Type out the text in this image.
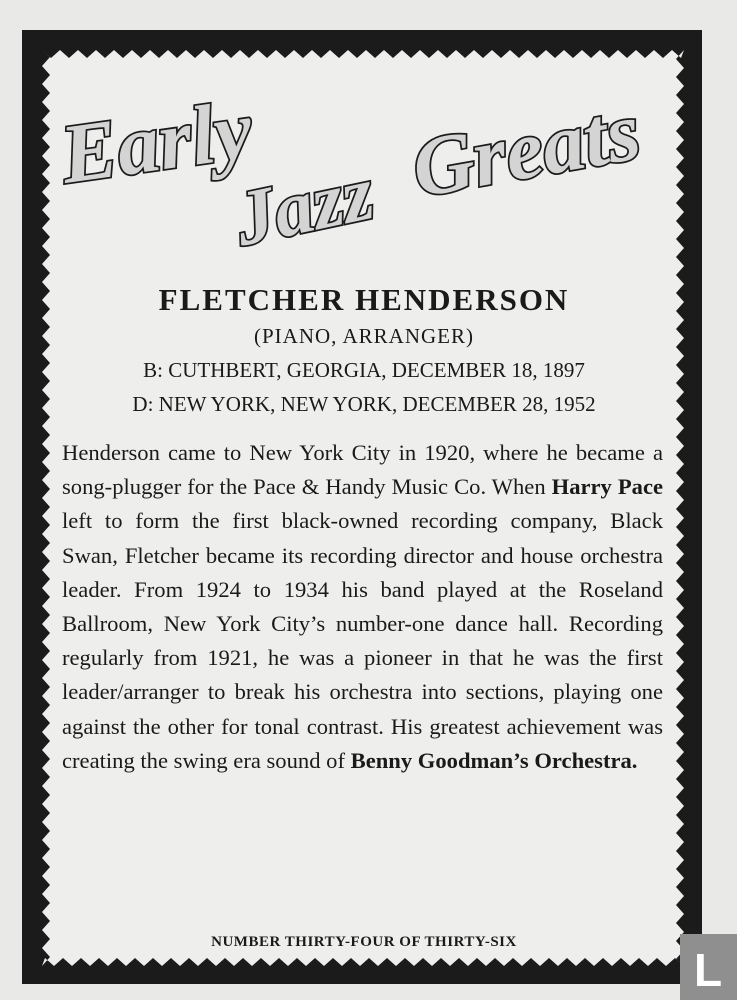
Early
Jazz Greats
FLETCHER HENDERSON
(PIANO, ARRANGER)
B: CUTHBERT, GEORGIA, DECEMBER 18, 1897
D: NEW YORK, NEW YORK, DECEMBER 28, 1952

Henderson came to New York City in 1920, where he became a song-plugger for the Pace & Handy Music Co. When Harry Pace left to form the first black-owned recording company, Black Swan, Fletcher became its recording director and house orchestra leader. From 1924 to 1934 his band played at the Roseland Ballroom, New York City’s number-one dance hall. Recording regularly from 1921, he was a pioneer in that he was the first leader/arranger to break his orchestra into sections, playing one against the other for tonal contrast. His greatest achievement was creating the swing era sound of Benny Goodman’s Orchestra.

NUMBER THIRTY-FOUR OF THIRTY-SIX
L
